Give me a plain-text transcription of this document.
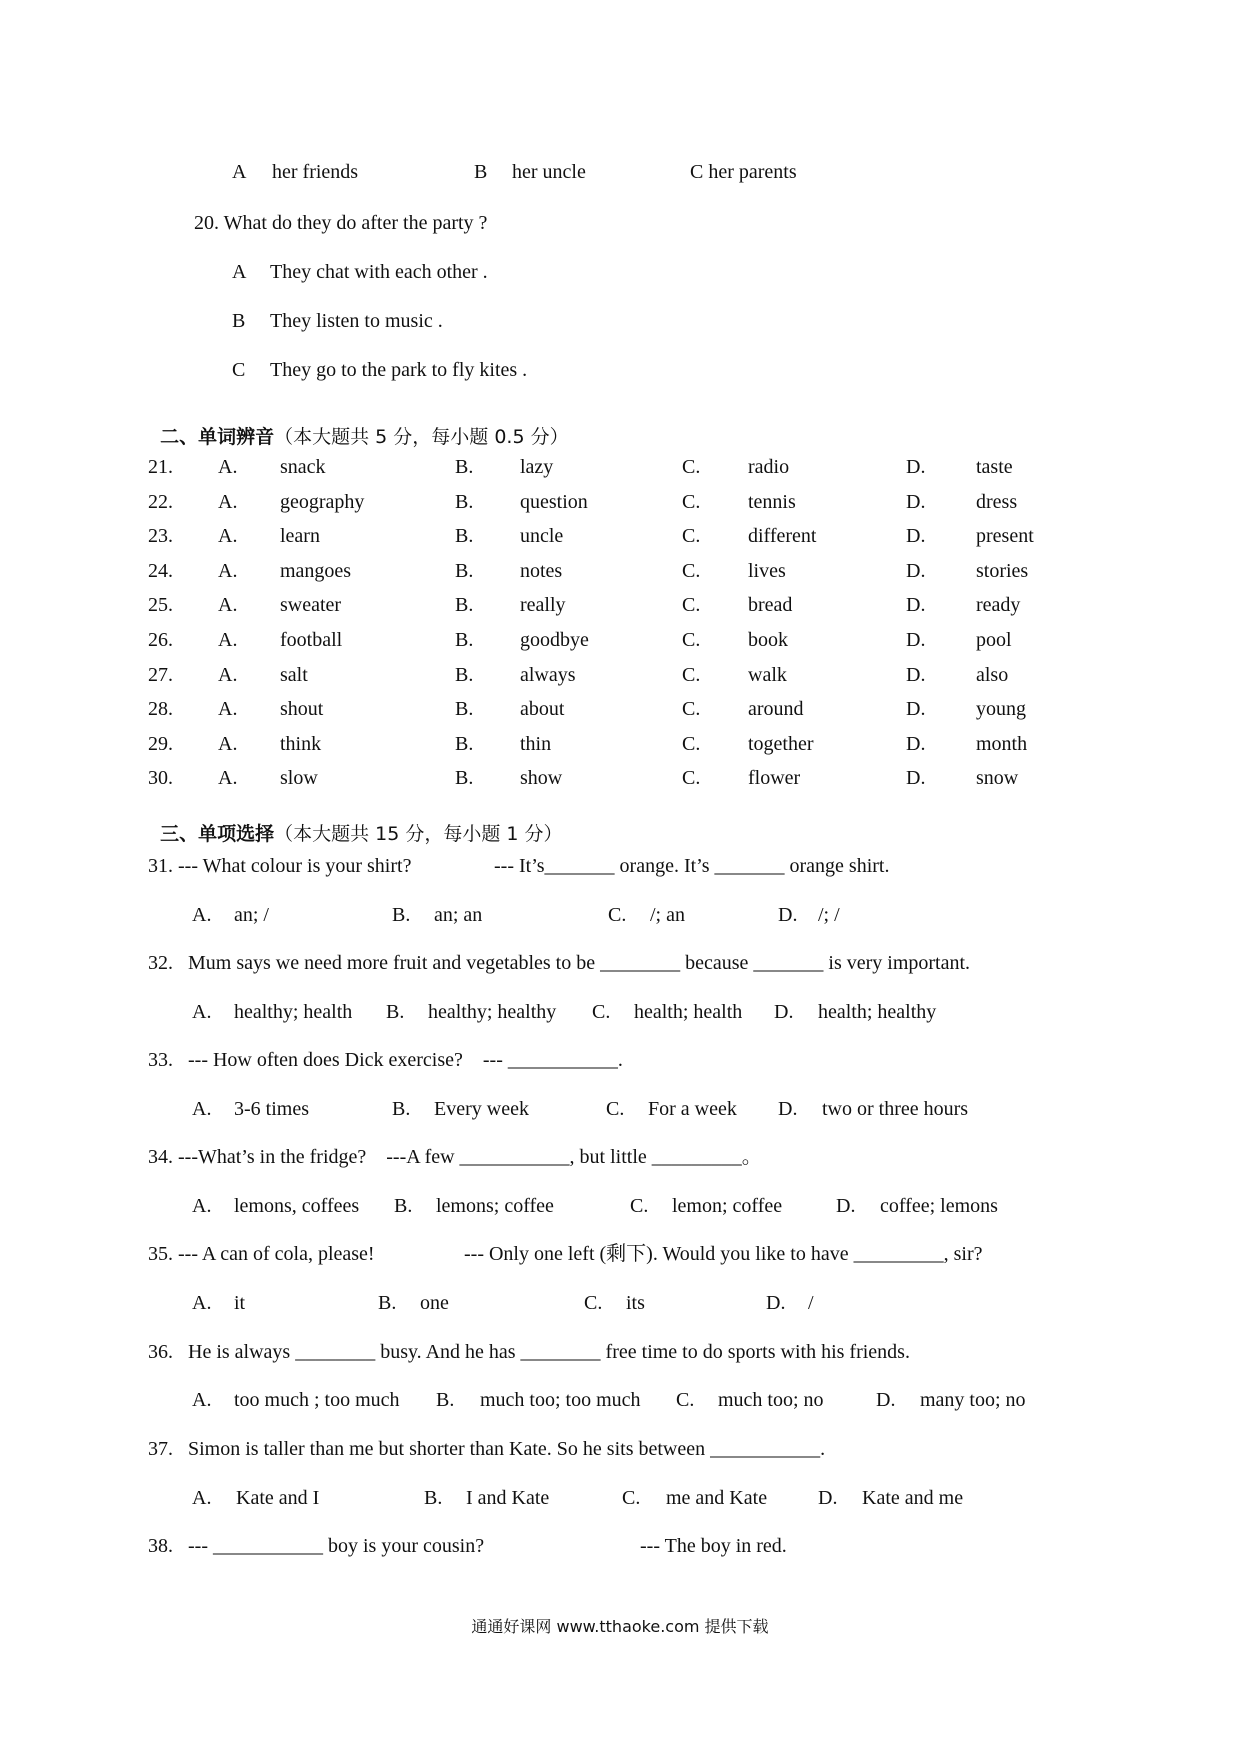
A her friends	B her uncle	C her parents
20. What do they do after the party ?
A They chat with each other .
B They listen to music .
C They go to the park to fly kites .

二、单词辨音（本大题共 5 分，每小题 0.5 分）

21. A. snack	B. lazy	C. radio	D.	taste
22. A. geography	B. question	C. tennis	D.	dress
23. A. learn	B. uncle	C. different	D.	present
24. A. mangoes	B. notes	C. lives	D.	stories
25. A. sweater	B. really	C. bread	D.	ready
26. A. football	B. goodbye	C. book	D.	pool
27. A. salt	B. always	C. walk	D.	also
28. A. shout	B. about	C. around	D.	young
29. A. think	B. thin	C. together	D.	month
30. A. slow	B. show	C. flower	D.	snow

三、单项选择（本大题共 15 分，每小题 1 分）

31. --- What colour is your shirt?	--- It’s_______ orange. It’s _______ orange shirt.
A. an; /	B. an; an	C. /; an	D. /; /
32.   Mum says we need more fruit and vegetables to be ________ because _______ is very important.
A. healthy; health B. healthy; healthy C. health; health D. health; healthy
33.   --- How often does Dick exercise?    --- ___________.
A. 3-6 times	B. Every week	C. For a week D. two or three hours
34. ---What’s in the fridge?    ---A few ___________, but little _________。
A. lemons, coffees B. lemons; coffee	C. lemon; coffee	D. coffee; lemons
35. --- A can of cola, please!	--- Only one left (剩下). Would you like to have _________, sir?
A. it	B. one	C. its	D. /
36.   He is always ________ busy. And he has ________ free time to do sports with his friends.
A. too much ; too much B. much too; too much C. much too; no	D. many too; no
37.   Simon is taller than me but shorter than Kate. So he sits between ___________.
A. Kate and I	B. I and Kate	C. me and Kate	D. Kate and me
38.   --- ___________ boy is your cousin?	--- The boy in red.
通通好课网 www.tthaoke.com 提供下载
